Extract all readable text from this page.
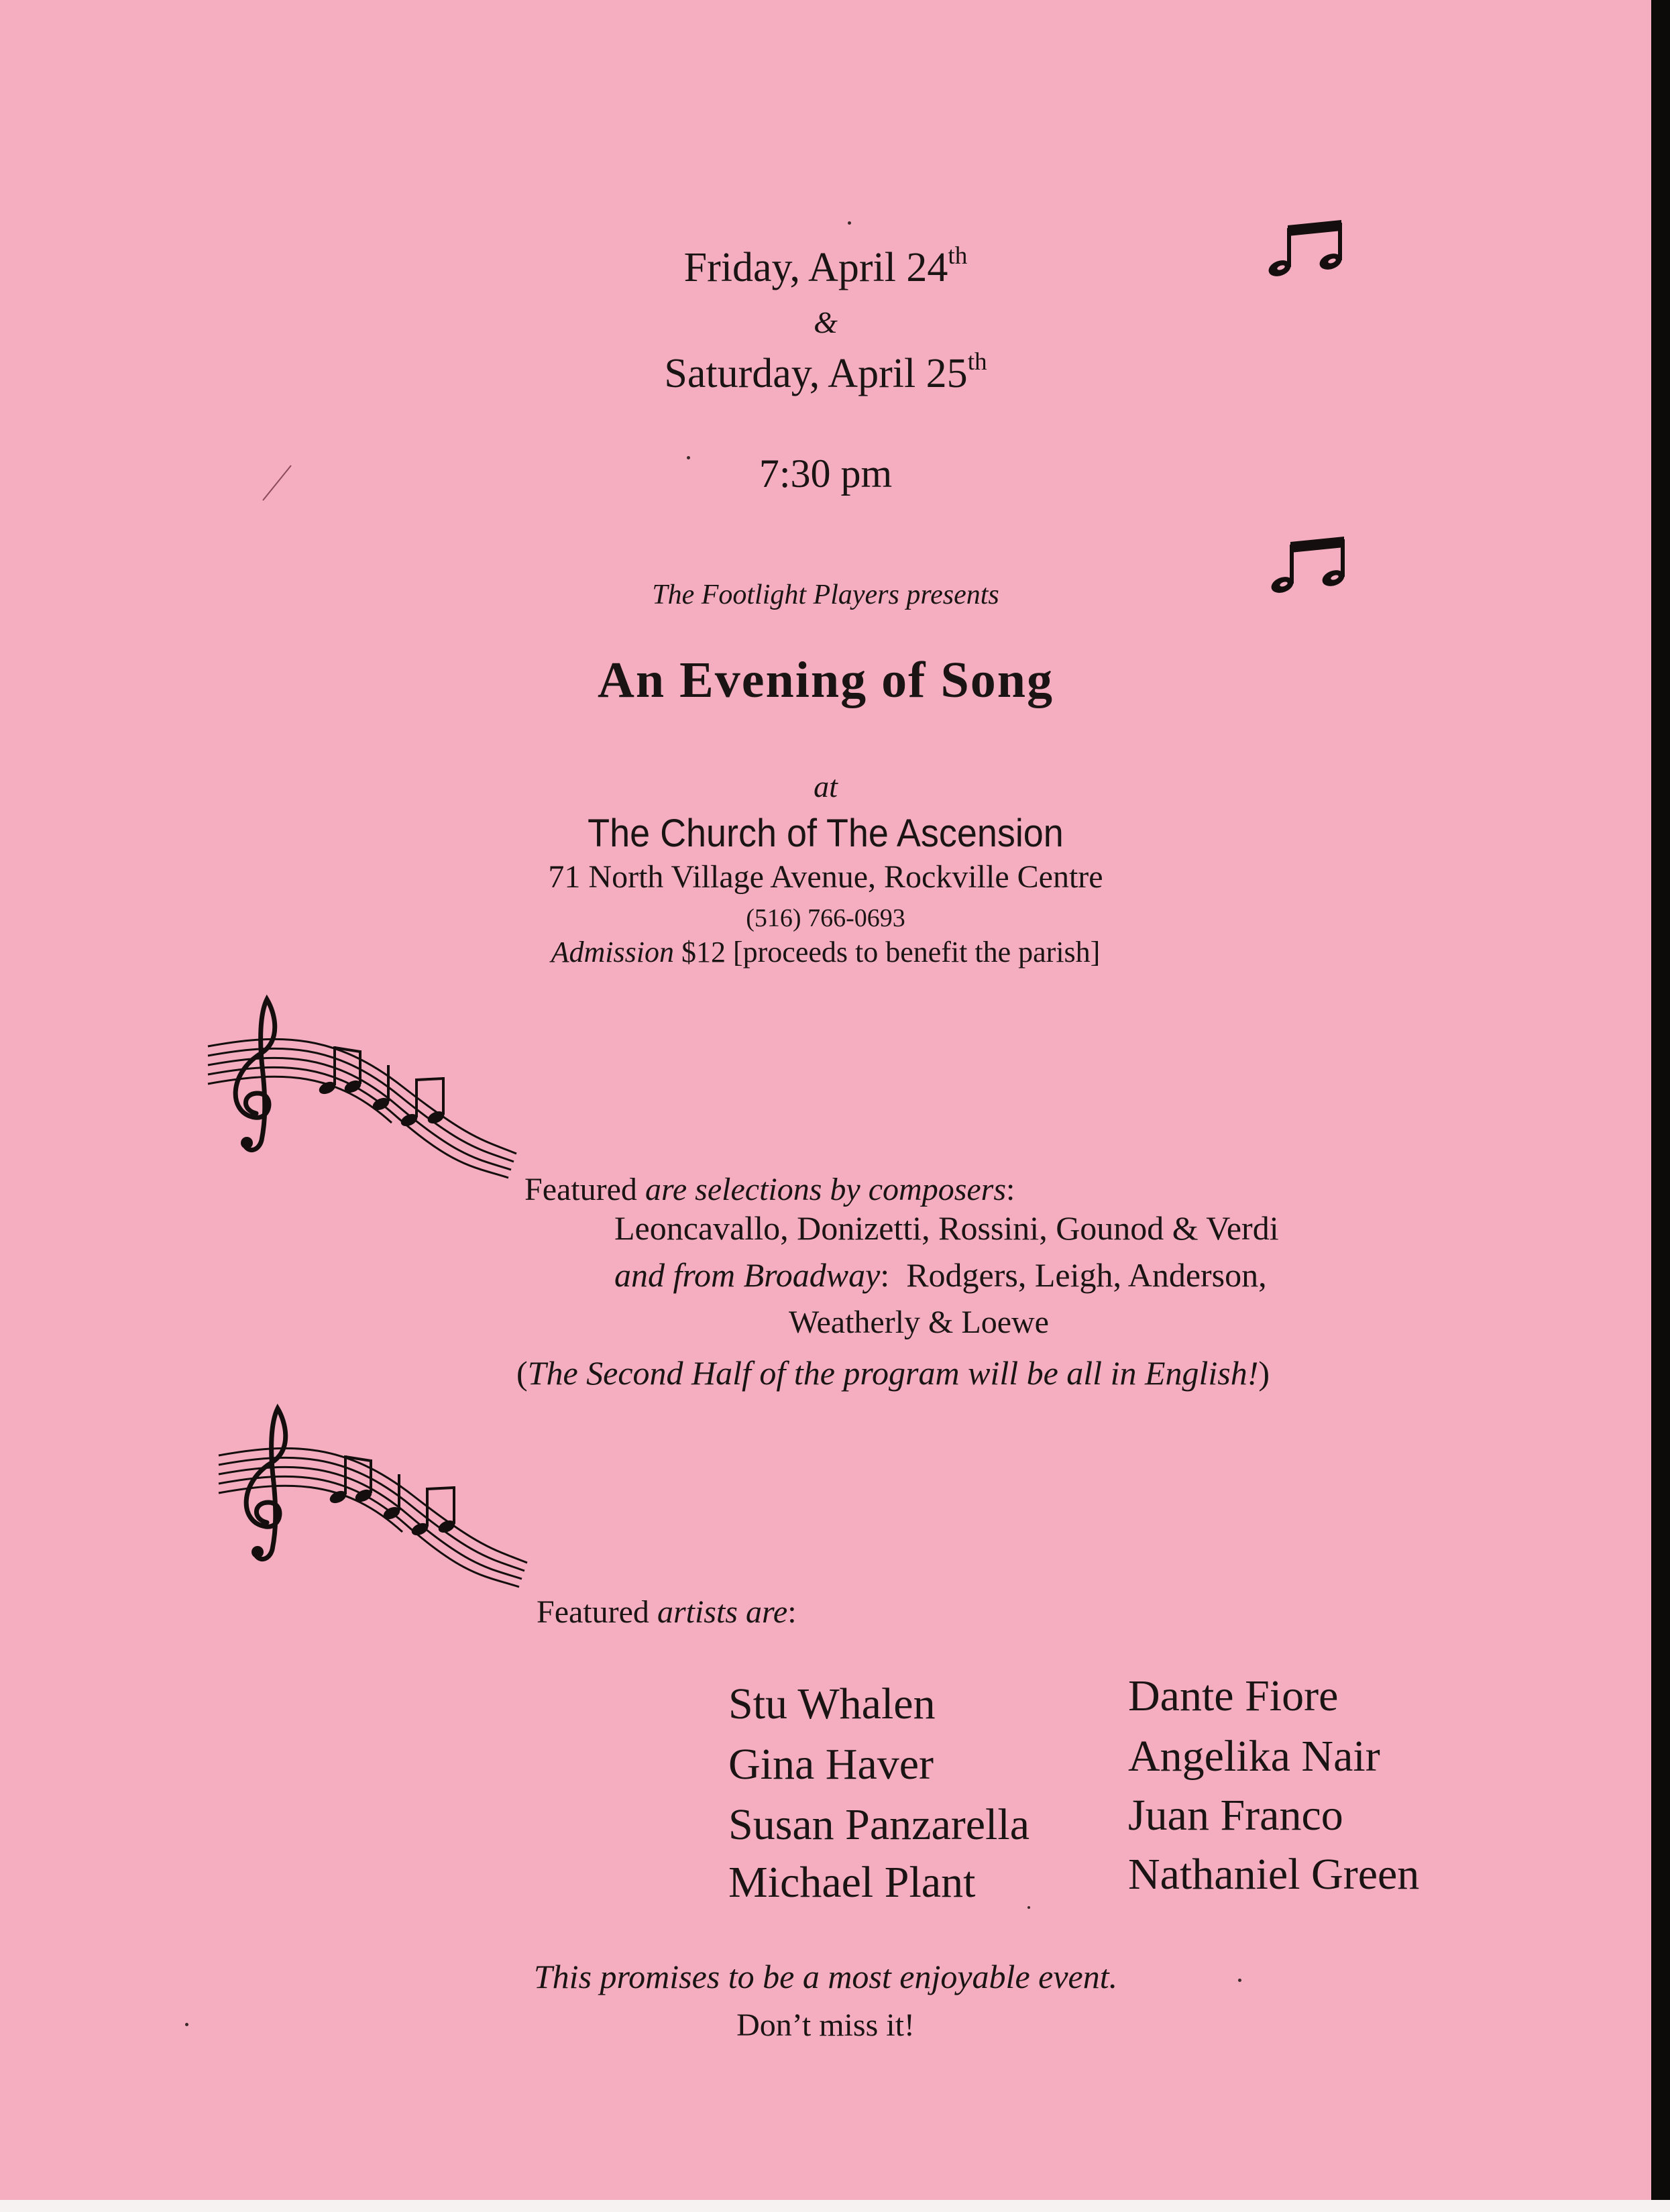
Friday, April 24th
&
Saturday, April 25th
7:30 pm
The Footlight Players presents
An Evening of Song
at
The Church of The Ascension
71 North Village Avenue, Rockville Centre
(516) 766-0693
Admission $12 [proceeds to benefit the parish]
Featured are selections by composers:
Leoncavallo, Donizetti, Rossini, Gounod & Verdi
and from Broadway: Rodgers, Leigh, Anderson,
Weatherly & Loewe
(The Second Half of the program will be all in English!)
Featured artists are:
Stu Whalen
Gina Haver
Susan Panzarella
Michael Plant
Dante Fiore
Angelika Nair
Juan Franco
Nathaniel Green
This promises to be a most enjoyable event.
Don’t miss it!
